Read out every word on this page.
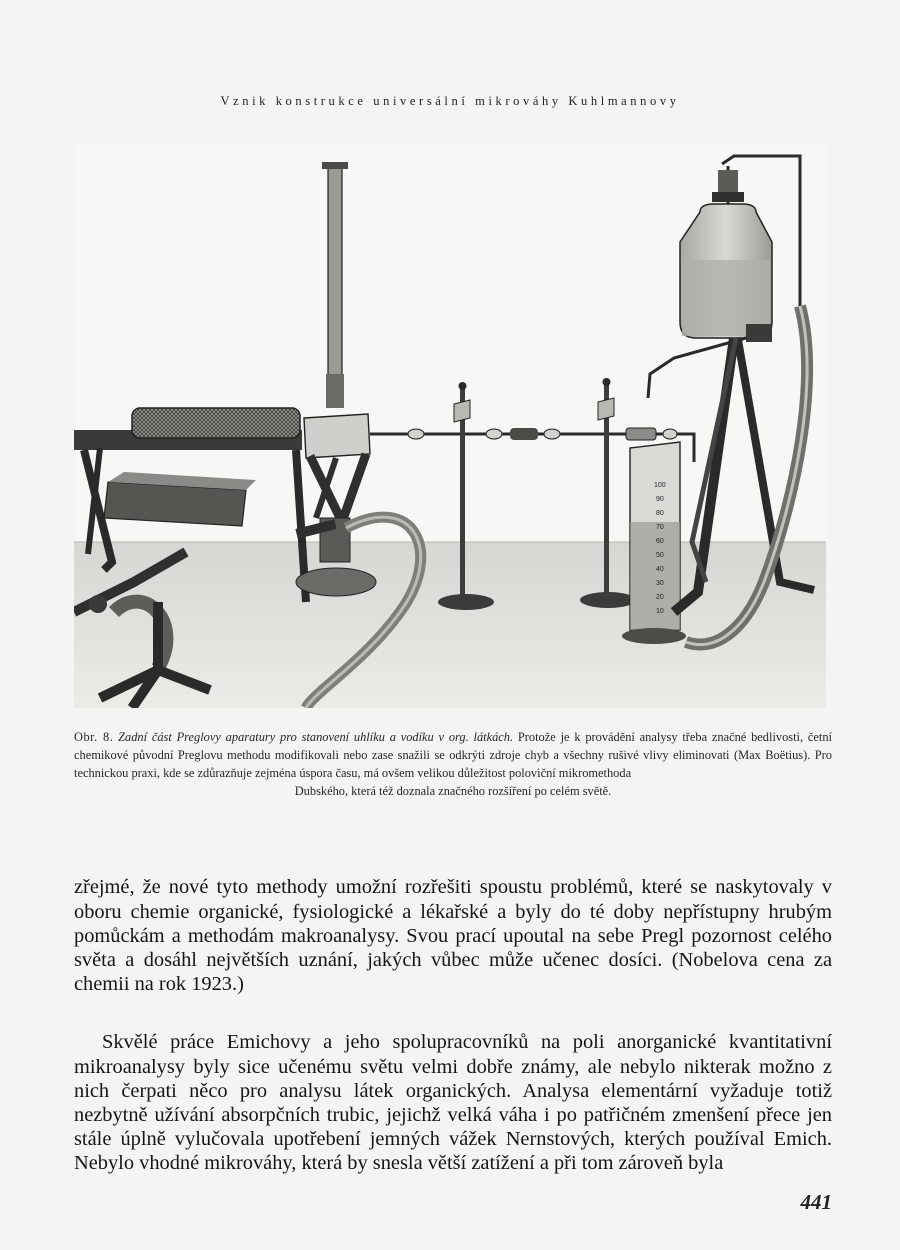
Vznik konstrukce universální mikrováhy Kuhlmannovy
100
90
80
70
60
50
40
30
20
10
Obr. 8. Zadní část Preglovy aparatury pro stanovení uhlíku a vodíku v org. látkách. Protože je k provádění analysy třeba značné bedlivosti, četní chemikové původní Preglovu methodu modifikovali nebo zase snažili se odkrýti zdroje chyb a všechny rušivé vlivy eliminovati (Max Boëtius). Pro technickou praxi, kde se zdůrazňuje zejména úspora času, má ovšem velikou důležitost poloviční mikromethoda
Dubského, která též doznala značného rozšíření po celém světě.

zřejmé, že nové tyto methody umožní rozřešiti spoustu problémů, které se naskytovaly v oboru chemie organické, fysiologické a lékařské a byly do té doby nepřístupny hrubým pomůckám a methodám makroanalysy. Svou prací upoutal na sebe Pregl pozornost celého světa a dosáhl největších uznání, jakých vůbec může učenec dosíci. (Nobelova cena za chemii na rok 1923.)

Skvělé práce Emichovy a jeho spolupracovníků na poli anorganické kvantitativní mikroanalysy byly sice učenému světu velmi dobře známy, ale nebylo nikterak možno z nich čerpati něco pro analysu látek organických. Analysa elementární vyžaduje totiž nezbytně užívání absorpčních trubic, jejichž velká váha i po patřičném zmenšení přece jen stále úplně vylučovala upotřebení jemných vážek Nernstových, kterých používal Emich. Nebylo vhodné mikrováhy, která by snesla větší zatížení a při tom zároveň byla

441
